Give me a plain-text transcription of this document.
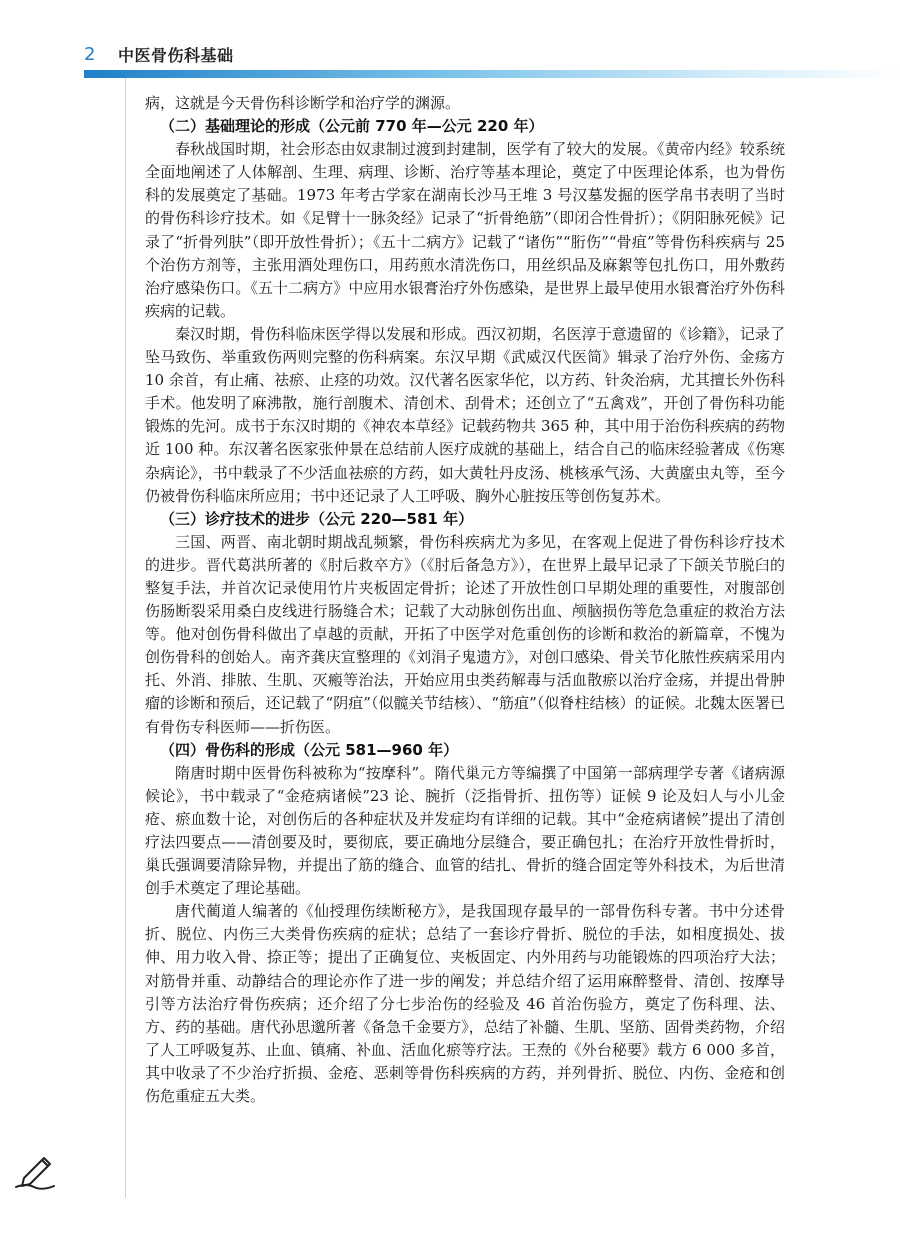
2	中医骨伤科基础

病，这就是今天骨伤科诊断学和治疗学的渊源。

（二）基础理论的形成（公元前 770 年—公元 220 年）

春秋战国时期，社会形态由奴隶制过渡到封建制，医学有了较大的发展。《黄帝内经》较系统全面地阐述了人体解剖、生理、病理、诊断、治疗等基本理论，奠定了中医理论体系，也为骨伤科的发展奠定了基础。1973 年考古学家在湖南长沙马王堆 3 号汉墓发掘的医学帛书表明了当时的骨伤科诊疗技术。如《足臂十一脉灸经》记录了“折骨绝筋”（即闭合性骨折）；《阴阳脉死候》记录了“折骨列肤”（即开放性骨折）；《五十二病方》记载了“诸伤”“胻伤”“骨疽”等骨伤科疾病与 25 个治伤方剂等，主张用酒处理伤口，用药煎水清洗伤口，用丝织品及麻絮等包扎伤口，用外敷药治疗感染伤口。《五十二病方》中应用水银膏治疗外伤感染，是世界上最早使用水银膏治疗外伤科疾病的记载。

秦汉时期，骨伤科临床医学得以发展和形成。西汉初期，名医淳于意遗留的《诊籍》，记录了坠马致伤、举重致伤两则完整的伤科病案。东汉早期《武威汉代医简》辑录了治疗外伤、金疡方 10 余首，有止痛、祛瘀、止痉的功效。汉代著名医家华佗，以方药、针灸治病，尤其擅长外伤科手术。他发明了麻沸散，施行剖腹术、清创术、刮骨术；还创立了“五禽戏”，开创了骨伤科功能锻炼的先河。成书于东汉时期的《神农本草经》记载药物共 365 种，其中用于治伤科疾病的药物近 100 种。东汉著名医家张仲景在总结前人医疗成就的基础上，结合自己的临床经验著成《伤寒杂病论》，书中载录了不少活血祛瘀的方药，如大黄牡丹皮汤、桃核承气汤、大黄䗪虫丸等，至今仍被骨伤科临床所应用；书中还记录了人工呼吸、胸外心脏按压等创伤复苏术。

（三）诊疗技术的进步（公元 220—581 年）

三国、两晋、南北朝时期战乱频繁，骨伤科疾病尤为多见，在客观上促进了骨伤科诊疗技术的进步。晋代葛洪所著的《肘后救卒方》（《肘后备急方》），在世界上最早记录了下颌关节脱臼的整复手法，并首次记录使用竹片夹板固定骨折；论述了开放性创口早期处理的重要性，对腹部创伤肠断裂采用桑白皮线进行肠缝合术；记载了大动脉创伤出血、颅脑损伤等危急重症的救治方法等。他对创伤骨科做出了卓越的贡献，开拓了中医学对危重创伤的诊断和救治的新篇章，不愧为创伤骨科的创始人。南齐龚庆宣整理的《刘涓子鬼遗方》，对创口感染、骨关节化脓性疾病采用内托、外消、排脓、生肌、灭瘢等治法，开始应用虫类药解毒与活血散瘀以治疗金疡，并提出骨肿瘤的诊断和预后，还记载了“阴疽”（似髋关节结核）、“筋疽”（似脊柱结核）的证候。北魏太医署已有骨伤专科医师——折伤医。

（四）骨伤科的形成（公元 581—960 年）

隋唐时期中医骨伤科被称为“按摩科”。隋代巢元方等编撰了中国第一部病理学专著《诸病源候论》，书中载录了“金疮病诸候”23 论、腕折（泛指骨折、扭伤等）证候 9 论及妇人与小儿金疮、瘀血数十论，对创伤后的各种症状及并发症均有详细的记载。其中“金疮病诸候”提出了清创疗法四要点——清创要及时，要彻底，要正确地分层缝合，要正确包扎；在治疗开放性骨折时，巢氏强调要清除异物，并提出了筋的缝合、血管的结扎、骨折的缝合固定等外科技术，为后世清创手术奠定了理论基础。

唐代蔺道人编著的《仙授理伤续断秘方》，是我国现存最早的一部骨伤科专著。书中分述骨折、脱位、内伤三大类骨伤疾病的症状；总结了一套诊疗骨折、脱位的手法，如相度损处、拔伸、用力收入骨、捺正等；提出了正确复位、夹板固定、内外用药与功能锻炼的四项治疗大法；对筋骨并重、动静结合的理论亦作了进一步的阐发；并总结介绍了运用麻醉整骨、清创、按摩导引等方法治疗骨伤疾病；还介绍了分七步治伤的经验及 46 首治伤验方，奠定了伤科理、法、方、药的基础。唐代孙思邈所著《备急千金要方》，总结了补髓、生肌、坚筋、固骨类药物，介绍了人工呼吸复苏、止血、镇痛、补血、活血化瘀等疗法。王焘的《外台秘要》载方 6 000 多首，其中收录了不少治疗折损、金疮、恶刺等骨伤科疾病的方药，并列骨折、脱位、内伤、金疮和创伤危重症五大类。
